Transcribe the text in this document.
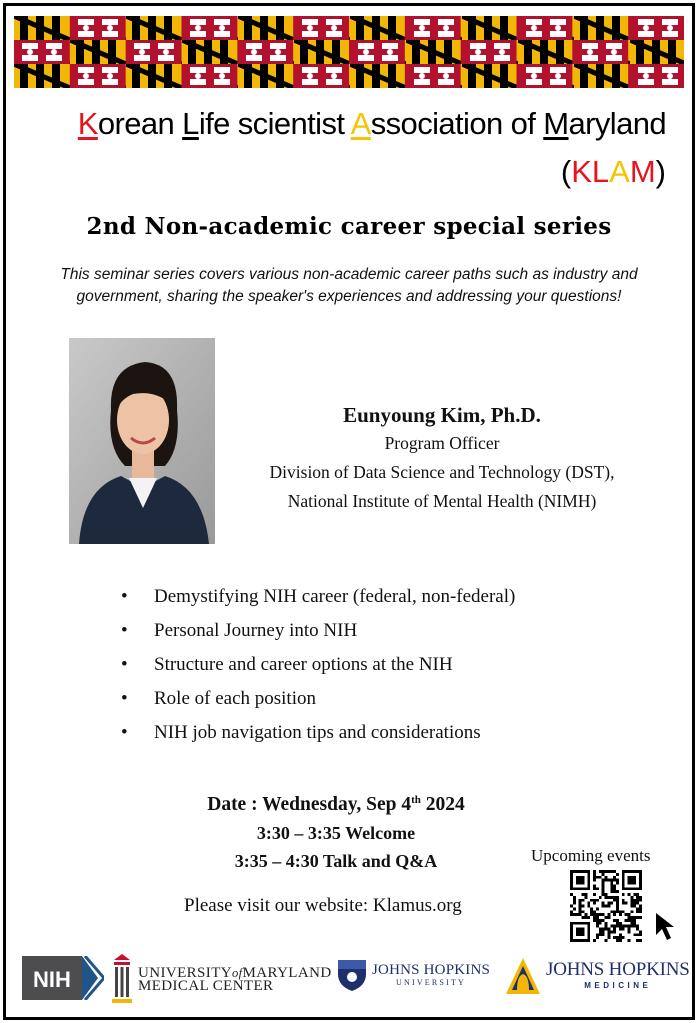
Korean Life scientist Association of Maryland
(KLAM)
2nd Non-academic career special series
This seminar series covers various non-academic career paths such as industry and government, sharing the speaker's experiences and addressing your questions!
Eunyoung Kim, Ph.D.
Program Officer
Division of Data Science and Technology (DST),
National Institute of Mental Health (NIMH)
• Demystifying NIH career (federal, non-federal)
• Personal Journey into NIH
• Structure and career options at the NIH
• Role of each position
• NIH job navigation tips and considerations
Date : Wednesday, Sep 4th 2024
3:30 – 3:35 Welcome
3:35 – 4:30 Talk and Q&A
Please visit our website: Klamus.org
Upcoming events
NIH	UNIVERSITYofMARYLAND
MEDICAL CENTER
JOHNS HOPKINS
UNIVERSITY
JOHNS HOPKINS
MEDICINE
